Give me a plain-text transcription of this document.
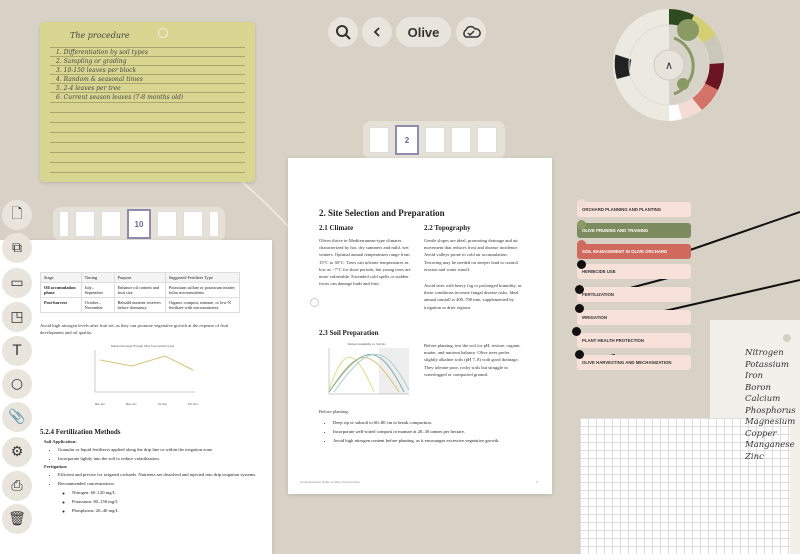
Olive
The procedure
1. Differentiation by soil types
2. Sampling or grading
3. 10-150 leaves per block
4. Random & seasonal times
5. 2-4 leaves per tree
6. Current season leaves (7-8 months old)
∧
2
2. Site Selection and Preparation
2.1 Climate
Olives thrive in Mediterranean-type climates characterized by hot, dry summers and mild, wet winters. Optimal annual temperatures range from 15°C to 30°C. Trees can tolerate temperatures as low as −7°C for short periods, but young trees are more vulnerable. Extended cold spells or sudden frosts can damage buds and fruit.
2.2 Topography
Gentle slopes are ideal, promoting drainage and air movement that reduces frost and disease incidence. Avoid valleys prone to cold air accumulation. Terracing may be needed on steeper land to control erosion and water runoff.
Avoid sites with heavy fog or prolonged humidity, as these conditions increase fungal disease risks. Ideal annual rainfall is 400–700 mm, supplemented by irrigation in drier regions.
2.3 Soil Preparation
Nutrient Availability vs. Soil pH	Before planting, test the soil for pH, texture, organic matter, and nutrient balance. Olive trees prefer slightly alkaline soils (pH 7–8) with good drainage. They tolerate poor, rocky soils but struggle in waterlogged or compacted ground.
Before planting:
• Deep rip or subsoil to 60–80 cm to break compaction.
• Incorporate well-rotted compost or manure at 20–30 tonnes per hectare.
• Avoid high nitrogen content before planting, as it encourages excessive vegetative growth.
Comprehensive Guide to Olive Orchard Care	3
10
Stage	Timing	Purpose	Suggested Fertilizer Type
Oil accumulation phase	July–September	Enhance oil content and fruit size	Potassium sulfate or potassium nitrate; foliar micronutrients
Post-harvest	October–November	Rebuild nutrient reserves before dormancy	Organic compost, manure, or low-N fertilizer with micronutrients
Avoid high nitrogen levels after fruit set, as they can promote vegetative growth at the expense of fruit development and oil quality.
Nutrient Demand Through Olive Tree Growth Cycle
Mar–Apr	May–Jun	Jul–Sep	Oct–Nov
5.2.4 Fertilization Methods
Soil Application:
• Granular or liquid fertilizers applied along the drip line or within the irrigation zone.
• Incorporate lightly into the soil to reduce volatilization.
Fertigation:
• Efficient and precise for irrigated orchards. Nutrients are dissolved and injected into drip irrigation systems.
• Recommended concentrations:
◦ Nitrogen: 60–120 mg/L
◦ Potassium: 80–150 mg/L
◦ Phosphorus: 20–40 mg/L
🗋
⧉
▭
◳
T
○
📎
⚙
⎙
🗑
ORCHARD PLANNING AND PLANTING
OLIVE PRUNING AND TRAINING
SOIL MANAGEMENT IN OLIVE ORCHARD
HERBICIDE USE
FERTILIZATION
IRRIGATION
PLANT HEALTH PROTECTION
OLIVE HARVESTING AND MECHANIZATION
Nitrogen
Potassium
Iron
Boron
Calcium
Phosphorus
Magnesium
Copper
Manganese
Zinc
